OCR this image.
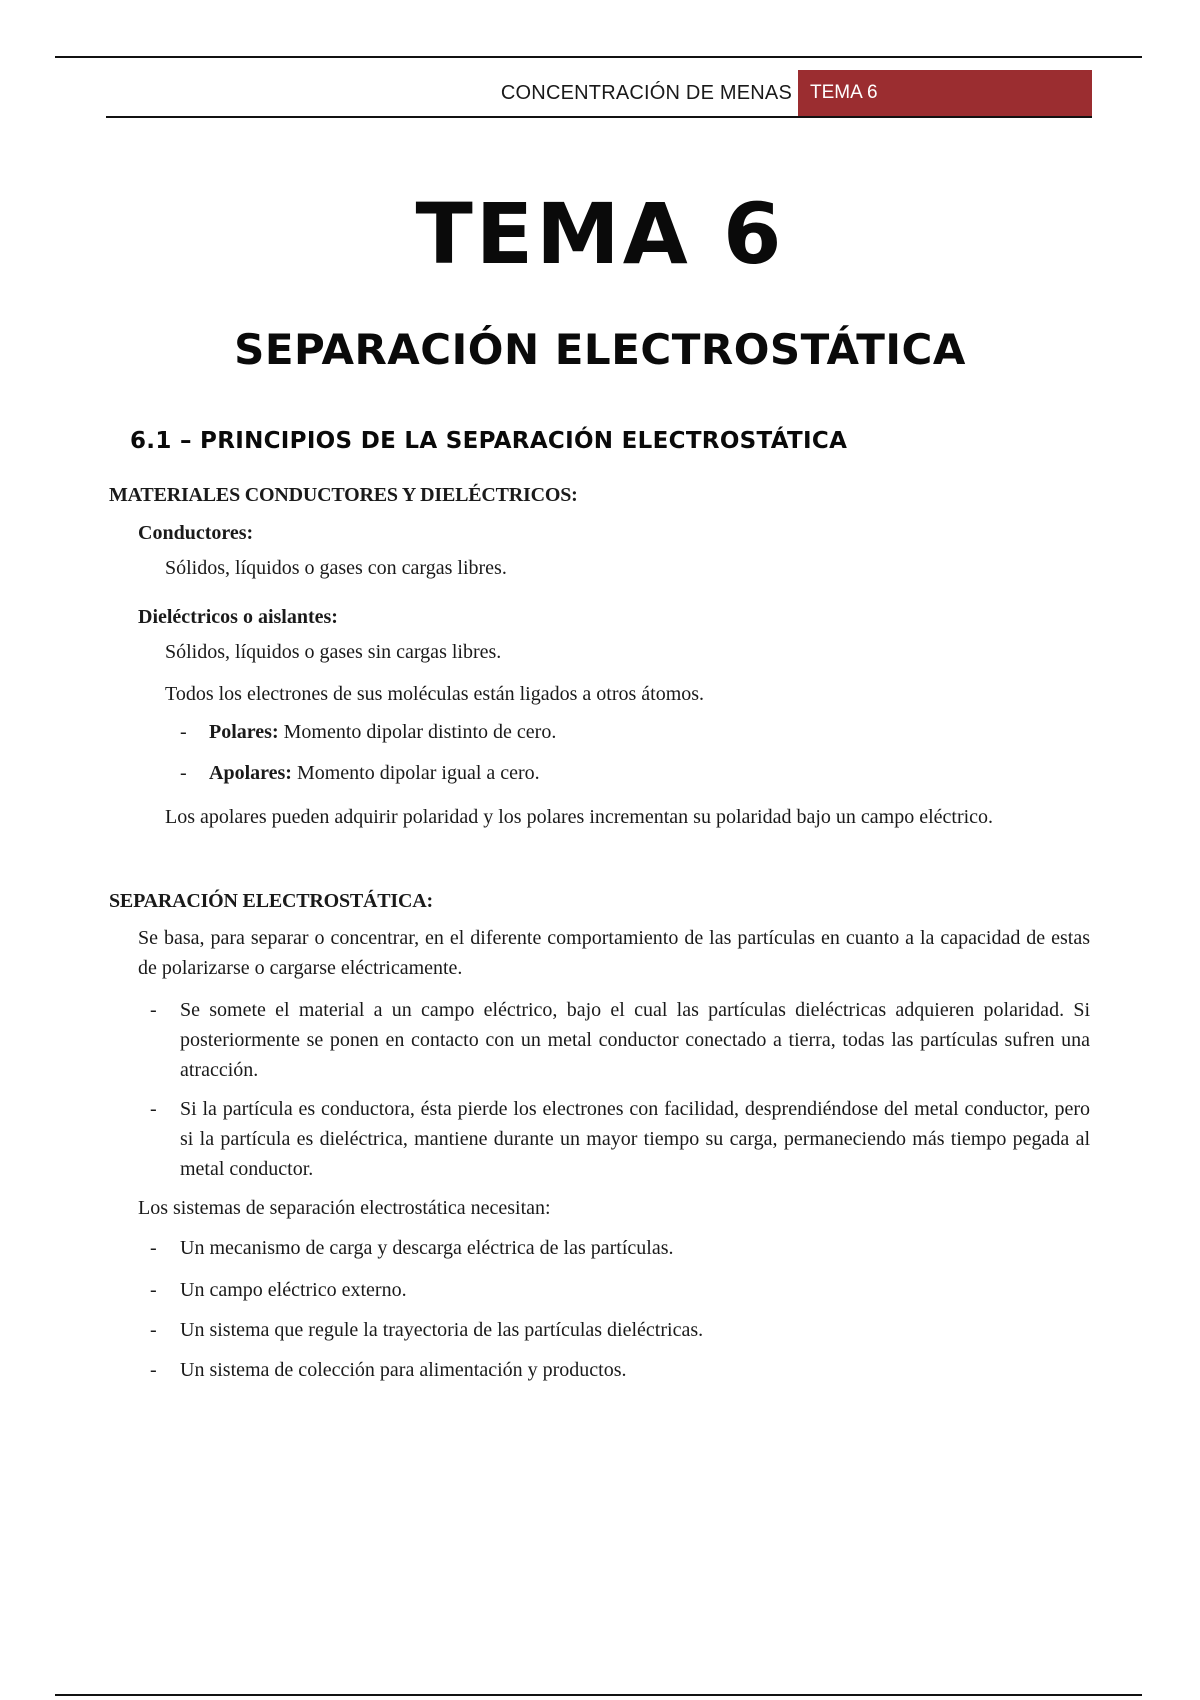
CONCENTRACIÓN DE MENAS TEMA 6
TEMA 6
SEPARACIÓN ELECTROSTÁTICA
6.1 – PRINCIPIOS DE LA SEPARACIÓN ELECTROSTÁTICA
MATERIALES CONDUCTORES Y DIELÉCTRICOS:
Conductores:
Sólidos, líquidos o gases con cargas libres.
Dieléctricos o aislantes:
Sólidos, líquidos o gases sin cargas libres.
Todos los electrones de sus moléculas están ligados a otros átomos.
- Polares: Momento dipolar distinto de cero.
- Apolares: Momento dipolar igual a cero.
Los apolares pueden adquirir polaridad y los polares incrementan su polaridad bajo un campo eléctrico.
SEPARACIÓN ELECTROSTÁTICA:
Se basa, para separar o concentrar, en el diferente comportamiento de las partículas en cuanto a la capacidad de estas de polarizarse o cargarse eléctricamente.
- Se somete el material a un campo eléctrico, bajo el cual las partículas dieléctricas adquieren polaridad. Si posteriormente se ponen en contacto con un metal conductor conectado a tierra, todas las partículas sufren una atracción.
- Si la partícula es conductora, ésta pierde los electrones con facilidad, desprendiéndose del metal conductor, pero si la partícula es dieléctrica, mantiene durante un mayor tiempo su carga, permaneciendo más tiempo pegada al metal conductor.
Los sistemas de separación electrostática necesitan:
- Un mecanismo de carga y descarga eléctrica de las partículas.
- Un campo eléctrico externo.
- Un sistema que regule la trayectoria de las partículas dieléctricas.
- Un sistema de colección para alimentación y productos.
